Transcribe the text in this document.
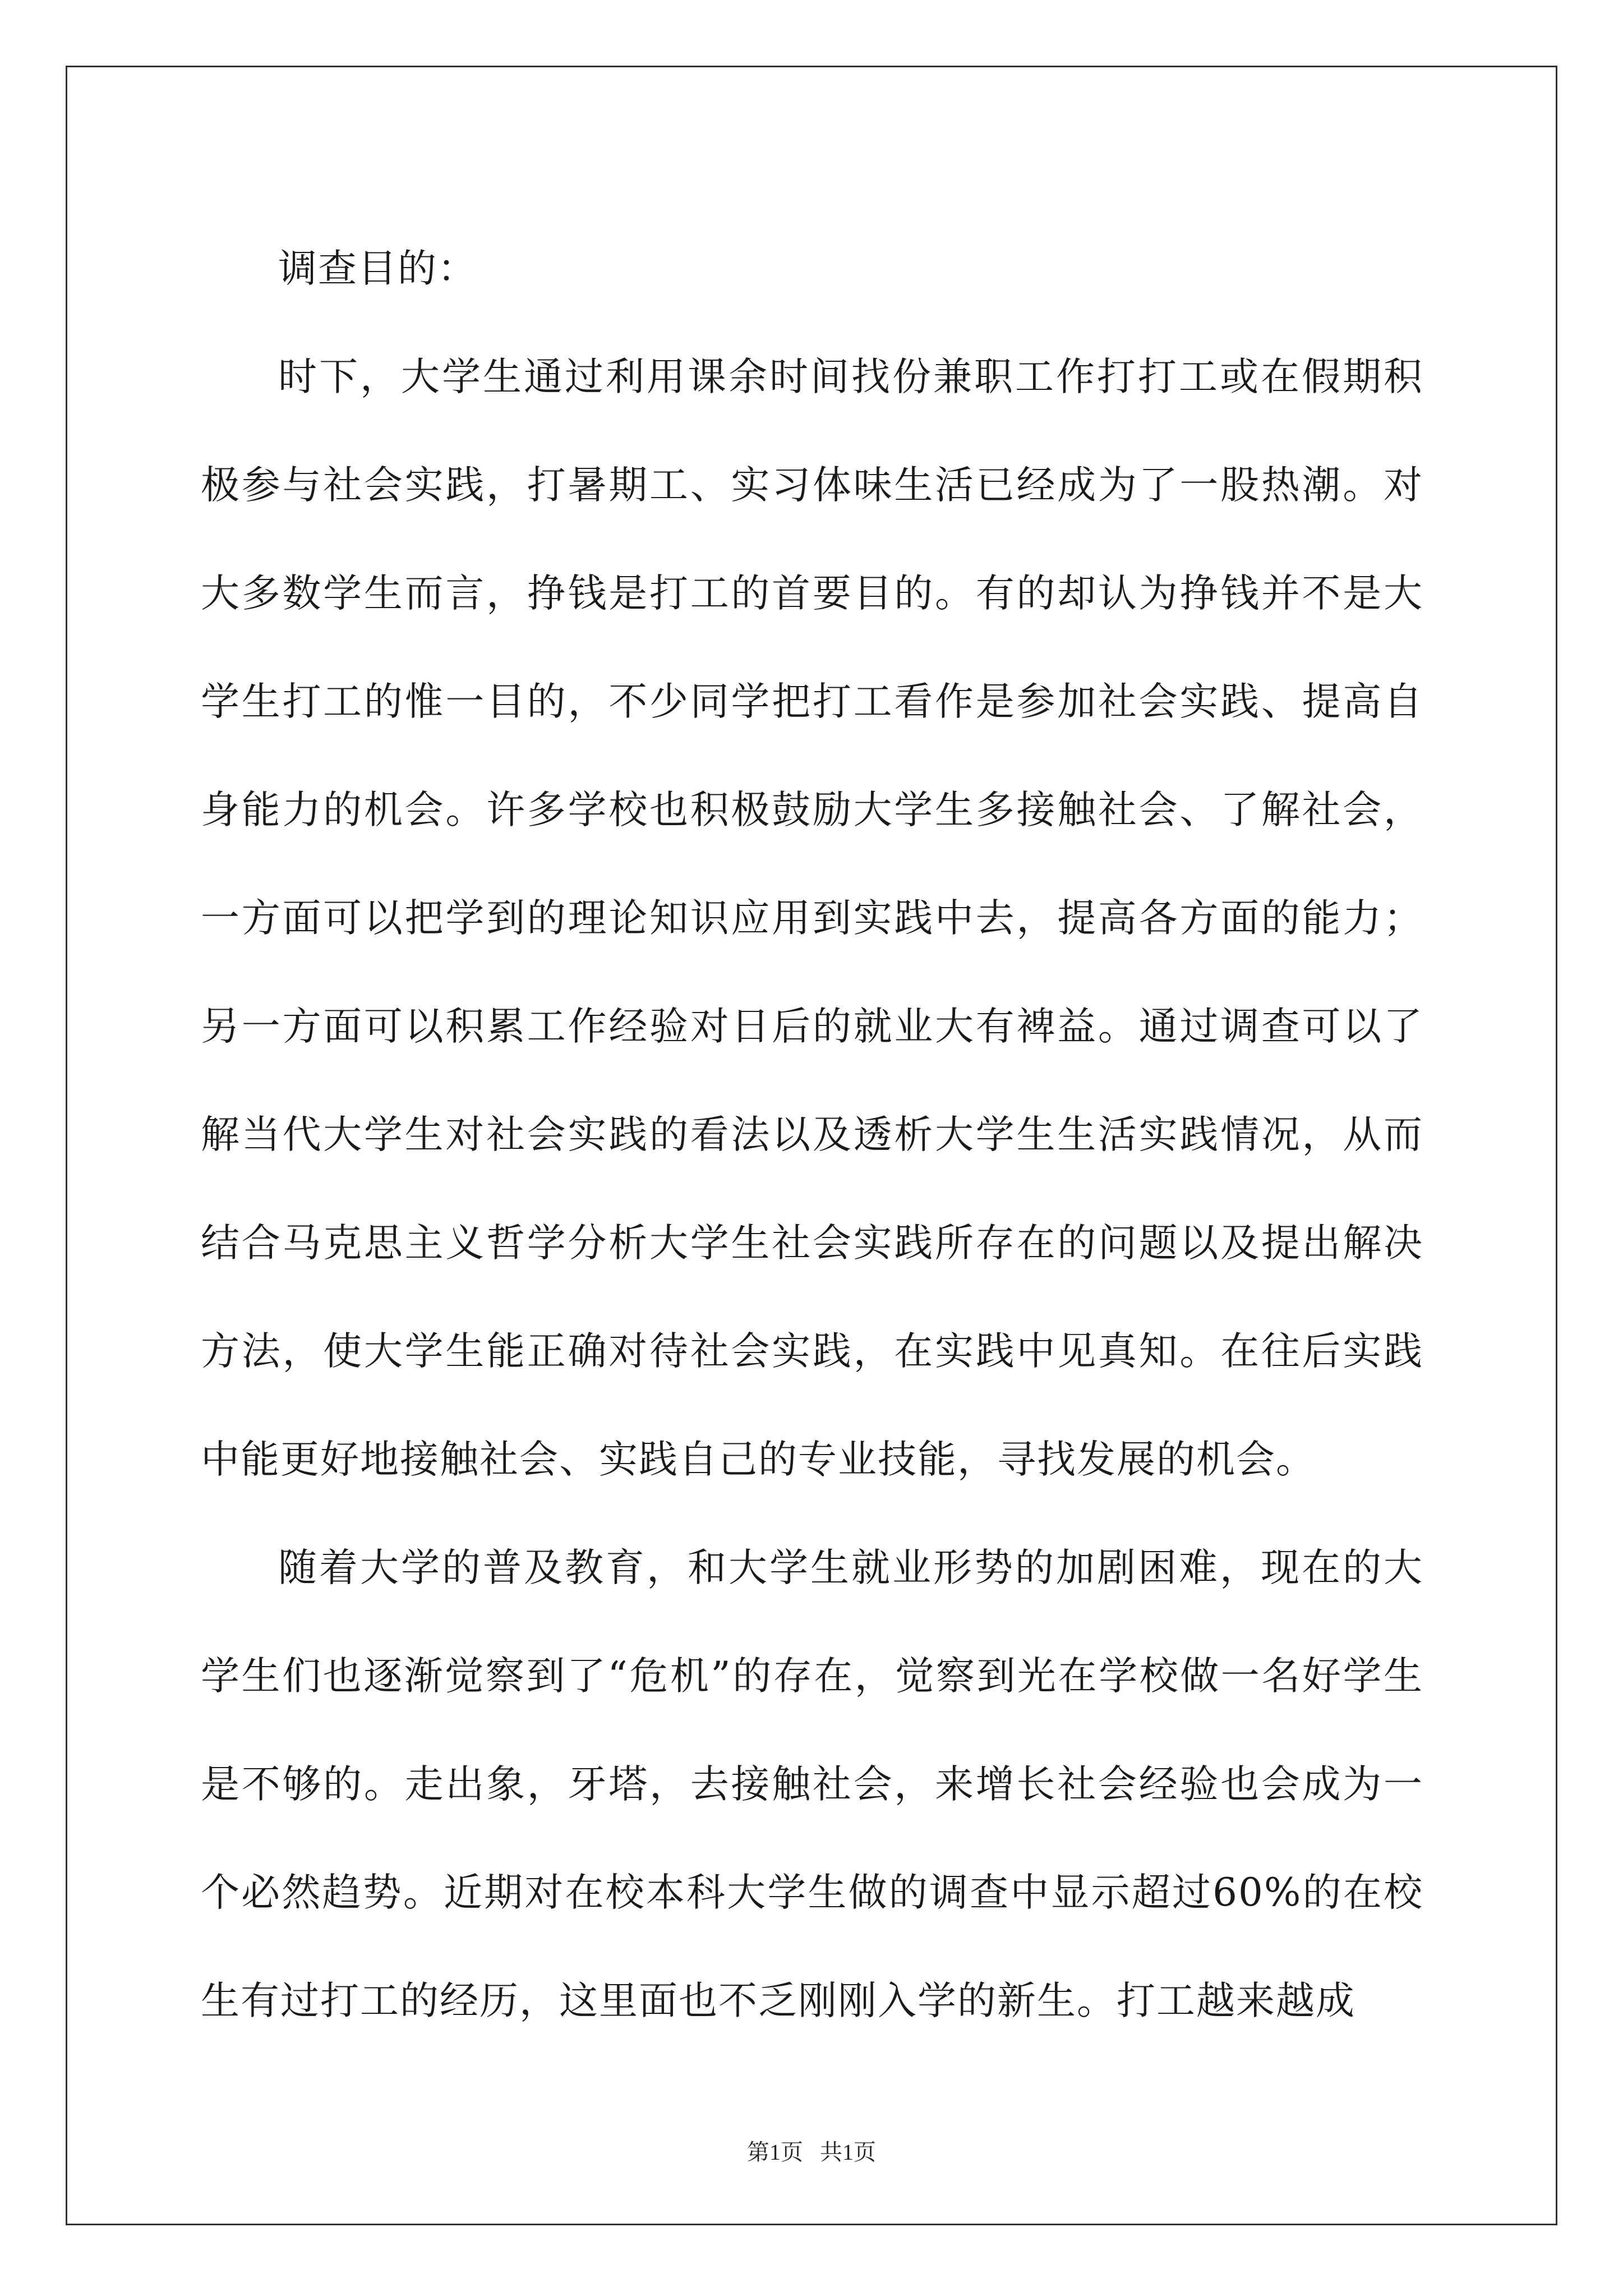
调查目的：

时下，大学生通过利用课余时间找份兼职工作打打工或在假期积极参与社会实践，打暑期工、实习体味生活已经成为了一股热潮。对大多数学生而言，挣钱是打工的首要目的。有的却认为挣钱并不是大学生打工的惟一目的，不少同学把打工看作是参加社会实践、提高自身能力的机会。许多学校也积极鼓励大学生多接触社会、了解社会，一方面可以把学到的理论知识应用到实践中去，提高各方面的能力；另一方面可以积累工作经验对日后的就业大有裨益。通过调查可以了解当代大学生对社会实践的看法以及透析大学生生活实践情况，从而结合马克思主义哲学分析大学生社会实践所存在的问题以及提出解决方法，使大学生能正确对待社会实践，在实践中见真知。在往后实践中能更好地接触社会、实践自己的专业技能，寻找发展的机会。

随着大学的普及教育，和大学生就业形势的加剧困难，现在的大学生们也逐渐觉察到了“危机”的存在，觉察到光在学校做一名好学生是不够的。走出象，牙塔，去接触社会，来增长社会经验也会成为一个必然趋势。近期对在校本科大学生做的调查中显示超过60%的在校生有过打工的经历，这里面也不乏刚刚入学的新生。打工越来越成

第1页 共1页
